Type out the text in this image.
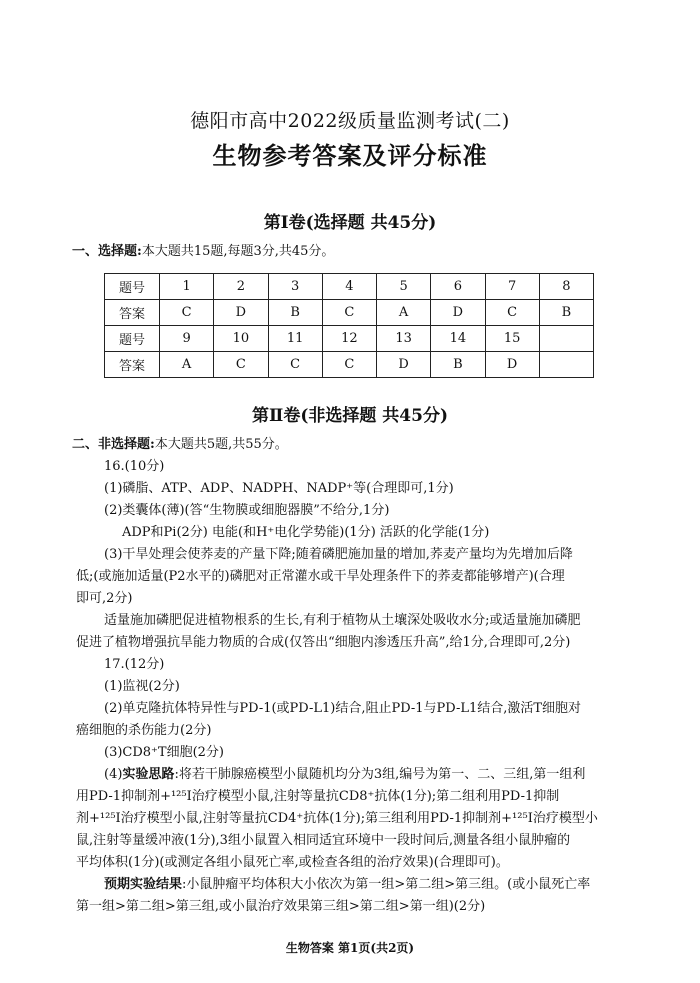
德阳市高中2022级质量监测考试(二)
生物参考答案及评分标准
第Ⅰ卷(选择题 共45分)
一、选择题:本大题共15题,每题3分,共45分。
题号	1	2	3	4	5	6	7	8
答案	C	D	B	C	A	D	C	B
题号	9	10	11	12	13	14	15	
答案	A	C	C	C	D	B	D	
第Ⅱ卷(非选择题 共45分)
二、非选择题:本大题共5题,共55分。
16.(10分)
(1)磷脂、ATP、ADP、NADPH、NADP⁺等(合理即可,1分)
(2)类囊体(薄)(答“生物膜或细胞器膜”不给分,1分)
ADP和Pi(2分) 电能(和H⁺电化学势能)(1分) 活跃的化学能(1分)
(3)干旱处理会使荞麦的产量下降;随着磷肥施加量的增加,荞麦产量均为先增加后降
低;(或施加适量(P2水平的)磷肥对正常灌水或干旱处理条件下的荞麦都能够增产)(合理
即可,2分)
适量施加磷肥促进植物根系的生长,有利于植物从土壤深处吸收水分;或适量施加磷肥
促进了植物增强抗旱能力物质的合成(仅答出“细胞内渗透压升高”,给1分,合理即可,2分)
17.(12分)
(1)监视(2分)
(2)单克隆抗体特异性与PD-1(或PD-L1)结合,阻止PD-1与PD-L1结合,激活T细胞对
癌细胞的杀伤能力(2分)
(3)CD8⁺T细胞(2分)
(4)实验思路:将若干肺腺癌模型小鼠随机均分为3组,编号为第一、二、三组,第一组利
用PD-1抑制剂+¹²⁵I治疗模型小鼠,注射等量抗CD8⁺抗体(1分);第二组利用PD-1抑制
剂+¹²⁵I治疗模型小鼠,注射等量抗CD4⁺抗体(1分);第三组利用PD-1抑制剂+¹²⁵I治疗模型小
鼠,注射等量缓冲液(1分),3组小鼠置入相同适宜环境中一段时间后,测量各组小鼠肿瘤的
平均体积(1分)(或测定各组小鼠死亡率,或检查各组的治疗效果)(合理即可)。
预期实验结果:小鼠肿瘤平均体积大小依次为第一组>第二组>第三组。(或小鼠死亡率
第一组>第二组>第三组,或小鼠治疗效果第三组>第二组>第一组)(2分)
生物答案 第1页(共2页)
